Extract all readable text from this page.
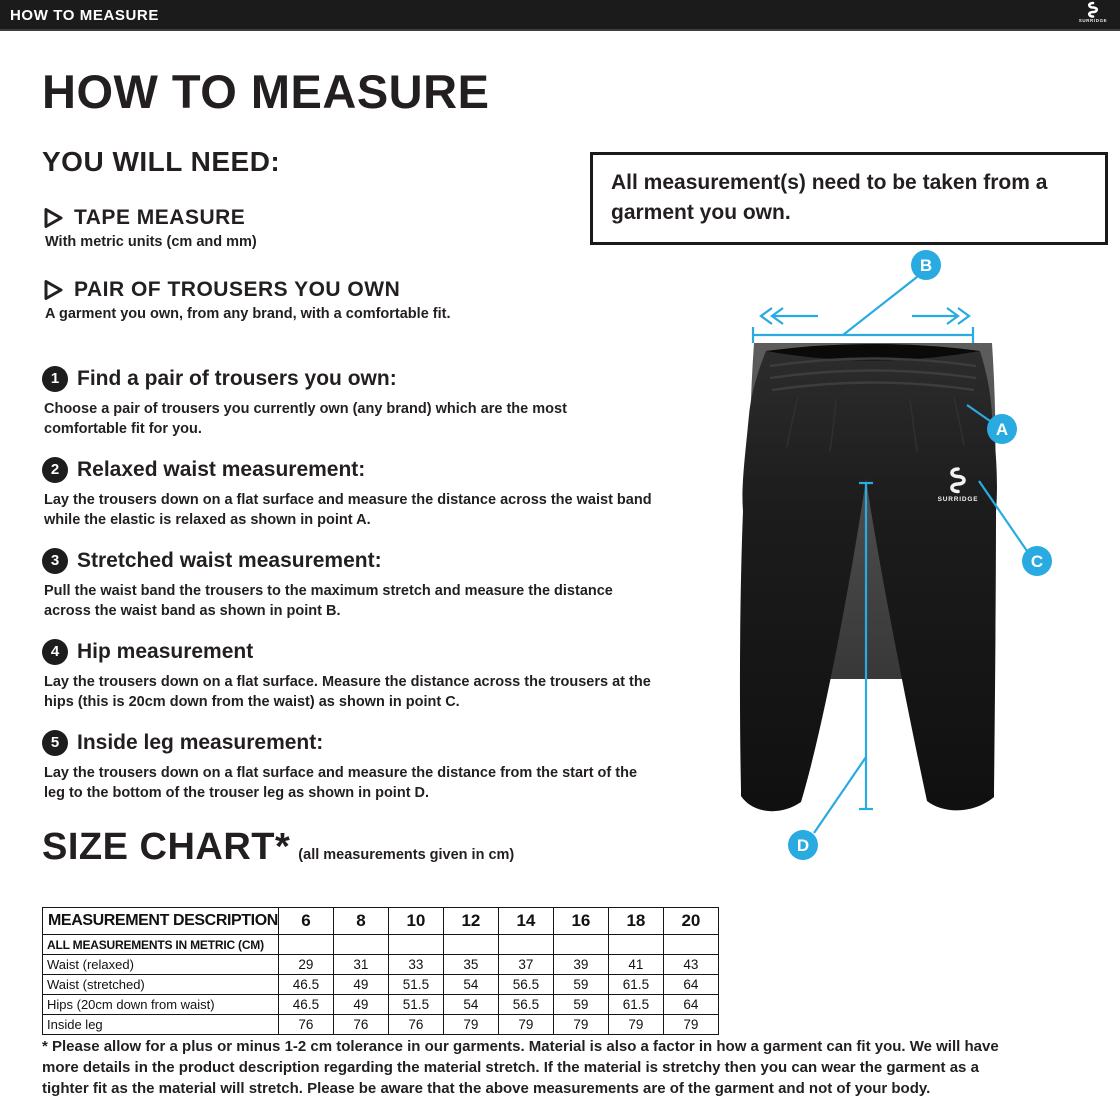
HOW TO MEASURE	SURRIDGE
HOW TO MEASURE
YOU WILL NEED:
TAPE MEASURE
With metric units (cm and mm)
PAIR OF TROUSERS YOU OWN
A garment you own, from any brand, with a comfortable fit.
All measurement(s) need to be taken from a garment you own.
1 Find a pair of trousers you own:

Choose a pair of trousers you currently own (any brand) which are the most comfortable fit for you.

2 Relaxed waist measurement:

Lay the trousers down on a flat surface and measure the distance across the waist band while the elastic is relaxed as shown in point A.

3 Stretched waist measurement:

Pull the waist band the trousers to the maximum stretch and measure the distance across the waist band as shown in point B.

4 Hip measurement

Lay the trousers down on a flat surface. Measure the distance across the trousers at the hips (this is 20cm down from the waist) as shown in point C.

5 Inside leg measurement:

Lay the trousers down on a flat surface and measure the distance from the start of the leg to the bottom of the trouser leg as shown in point D.

SIZE CHART* (all measurements given in cm)
MEASUREMENT DESCRIPTION	6	8	10	12	14	16	18	20
ALL MEASUREMENTS IN METRIC (CM)								
Waist (relaxed)	29	31	33	35	37	39	41	43
Waist (stretched)	46.5	49	51.5	54	56.5	59	61.5	64
Hips (20cm down from waist)	46.5	49	51.5	54	56.5	59	61.5	64
Inside leg	76	76	76	79	79	79	79	79
* Please allow for a plus or minus 1-2 cm tolerance in our garments. Material is also a factor in how a garment can fit you. We will have
more details in the product description regarding the material stretch. If the material is stretchy then you can wear the garment as a
tighter fit as the material will stretch. Please be aware that the above measurements are of the garment and not of your body.
SURRIDGE
B
A
C
D
